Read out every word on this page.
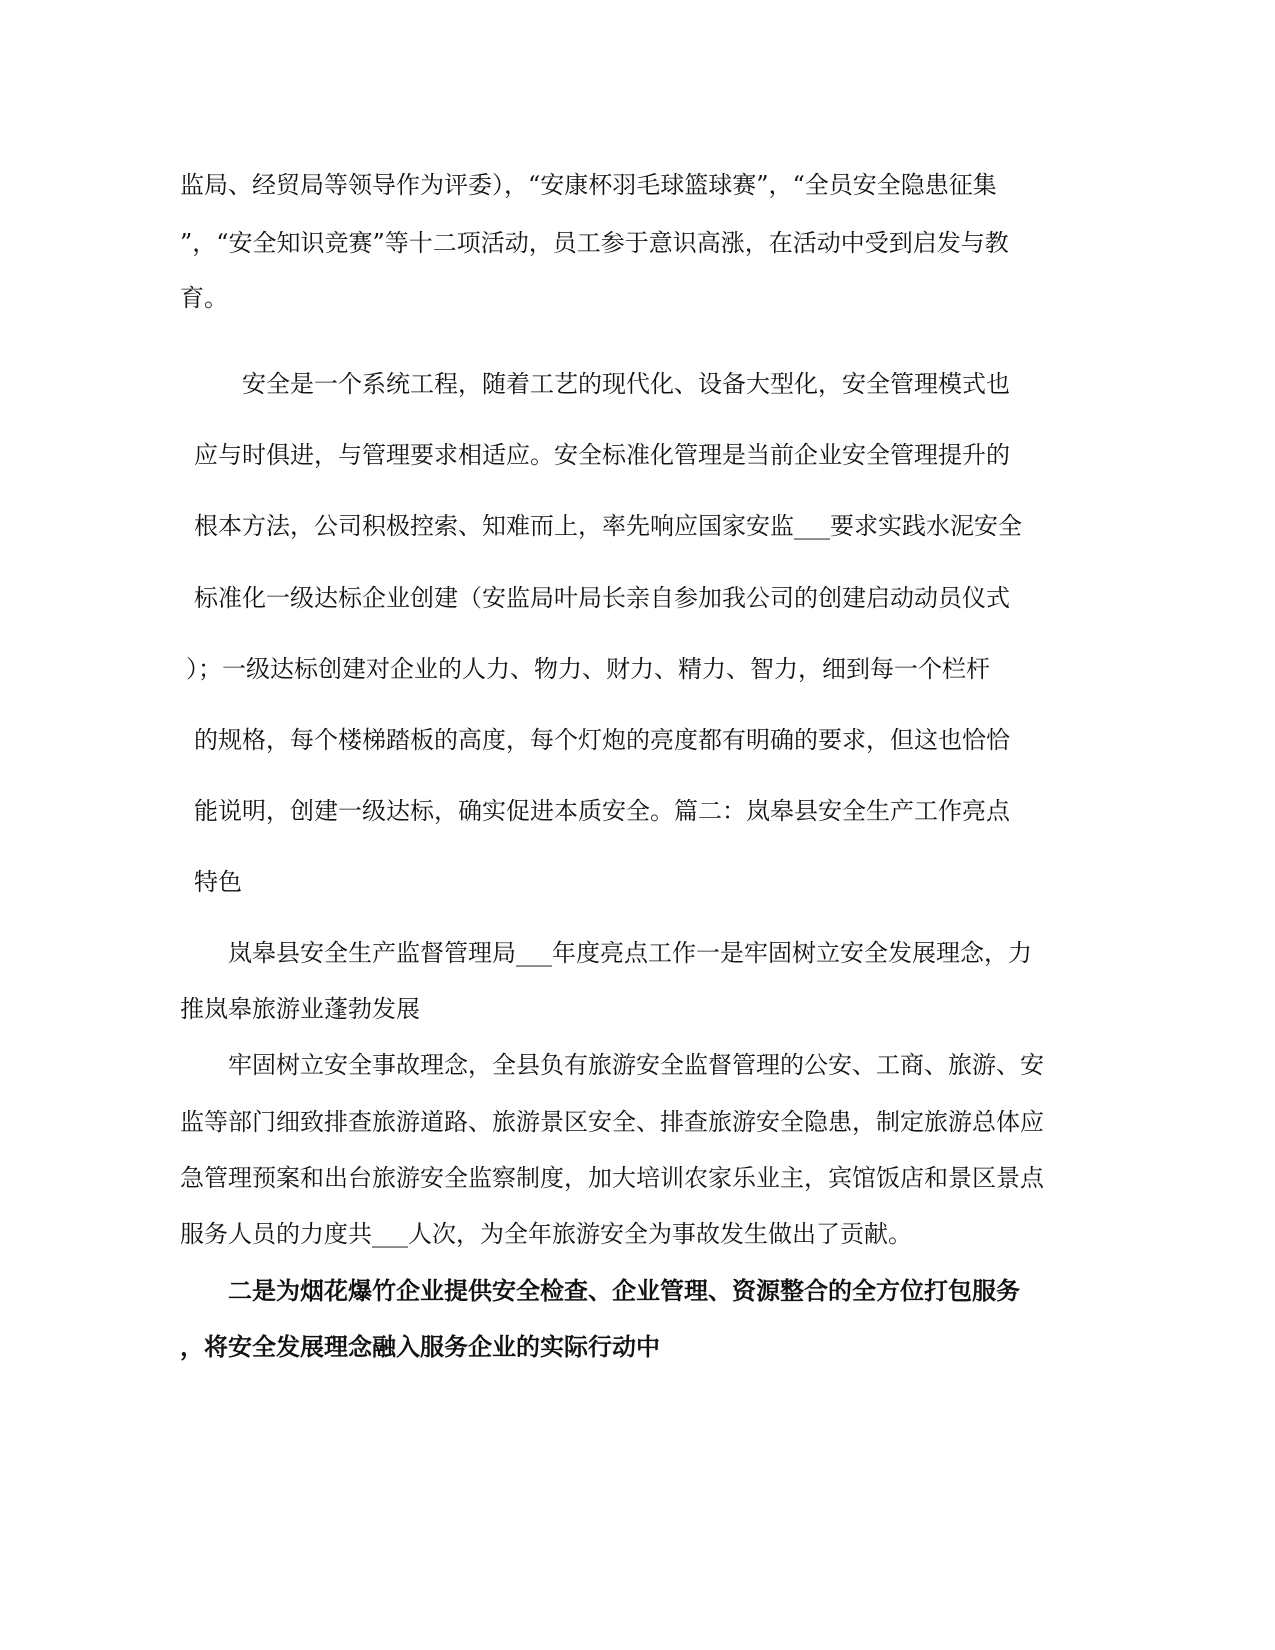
监局、经贸局等领导作为评委），“安康杯羽毛球篮球赛”，“全员安全隐患征集
”，“安全知识竞赛”等十二项活动，员工参于意识高涨，在活动中受到启发与教
育。
安全是一个系统工程，随着工艺的现代化、设备大型化，安全管理模式也
应与时俱进，与管理要求相适应。安全标准化管理是当前企业安全管理提升的
根本方法，公司积极控索、知难而上，率先响应国家安监___要求实践水泥安全
标准化一级达标企业创建（安监局叶局长亲自参加我公司的创建启动动员仪式
）；一级达标创建对企业的人力、物力、财力、精力、智力，细到每一个栏杆
的规格，每个楼梯踏板的高度，每个灯炮的亮度都有明确的要求，但这也恰恰
能说明，创建一级达标，确实促进本质安全。篇二：岚皋县安全生产工作亮点
特色
岚皋县安全生产监督管理局___年度亮点工作一是牢固树立安全发展理念，力
推岚皋旅游业蓬勃发展
牢固树立安全事故理念，全县负有旅游安全监督管理的公安、工商、旅游、安
监等部门细致排查旅游道路、旅游景区安全、排查旅游安全隐患，制定旅游总体应
急管理预案和出台旅游安全监察制度，加大培训农家乐业主，宾馆饭店和景区景点
服务人员的力度共___人次，为全年旅游安全为事故发生做出了贡献。
二是为烟花爆竹企业提供安全检查、企业管理、资源整合的全方位打包服务
，将安全发展理念融入服务企业的实际行动中
